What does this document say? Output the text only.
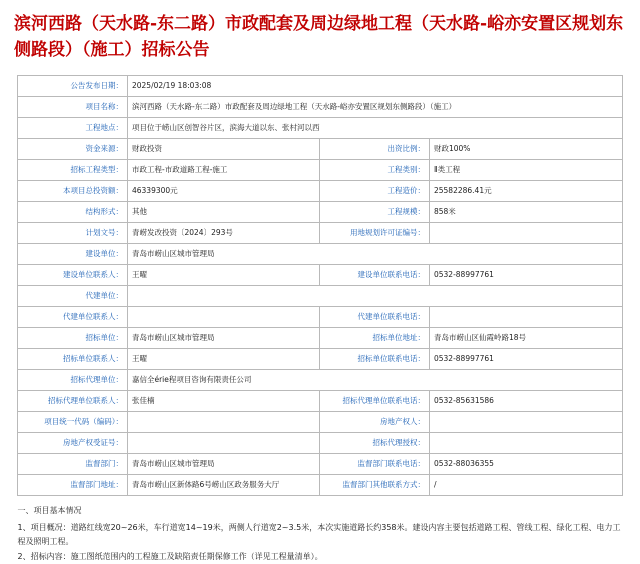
滨河西路（天水路-东二路）市政配套及周边绿地工程（天水路-峪亦安置区规划东侧路段）（施工）招标公告
公告发布日期：	2025/02/19 18:03:08		
项目名称：	滨河西路（天水路-东二路）市政配套及周边绿地工程（天水路-峪亦安置区规划东侧路段）（施工）		
工程地点：	项目位于崂山区创智谷片区，滨海大道以东、张村河以西		
资金来源：	财政投资	出资比例：	财政100%
招标工程类型：	市政工程-市政道路工程-施工	工程类别：	Ⅱ类工程
本项目总投资额：	46339300元	工程造价：	25582286.41元
结构形式：	其他	工程规模：	858米
计划文号：	青崂发改投资〔2024〕293号	用地规划许可证编号：	
建设单位：	青岛市崂山区城市管理局		
建设单位联系人：	王曜	建设单位联系电话：	0532-88997761
代建单位：			
代建单位联系人：		代建单位联系电话：	
招标单位：	青岛市崂山区城市管理局	招标单位地址：	青岛市崂山区仙霞岭路18号
招标单位联系人：	王曜	招标单位联系电话：	0532-88997761
招标代理单位：	嘉信全érie程项目咨询有限责任公司		
招标代理单位联系人：	张佳楠	招标代理单位联系电话：	0532-85631586
项目统一代码（编码）：		房地产权人：	
房地产权受证号：		招标代理授权：	
监督部门：	青岛市崂山区城市管理局	监督部门联系电话：	0532-88036355
监督部门地址：	青岛市崂山区新体路6号崂山区政务服务大厅	监督部门其他联系方式：	/
一、项目基本情况
1、项目概况：道路红线宽20~26米，车行道宽14~19米，两侧人行道宽2~3.5米，本次实施道路长约358米。建设内容主要包括道路工程、管线工程、绿化工程、电力工程及照明工程。
2、招标内容：施工图纸范围内的工程施工及缺陷责任期保修工作（详见工程量清单）。
